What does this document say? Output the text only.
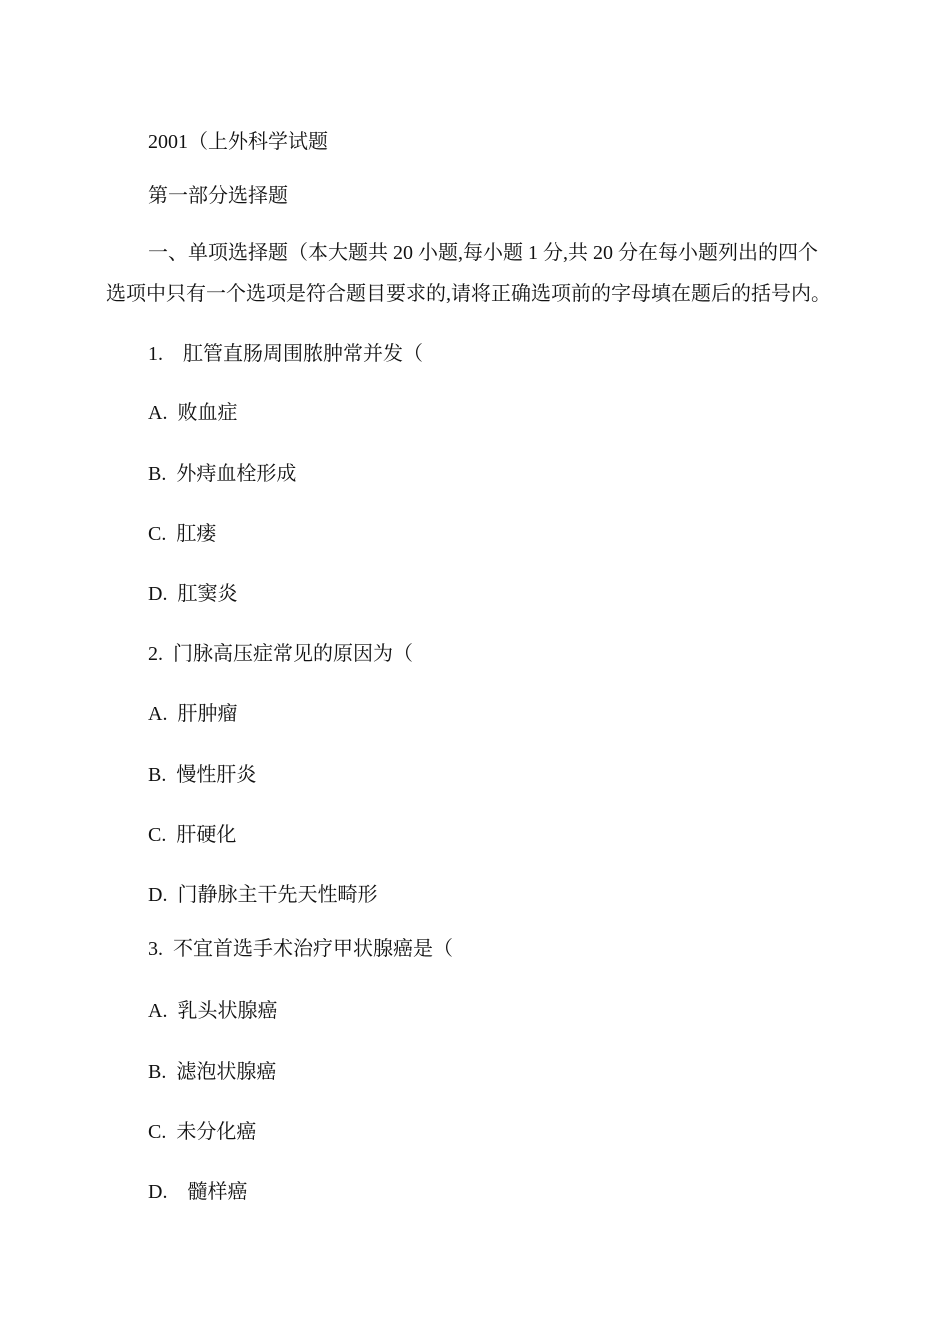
2001（上外科学试题
第一部分选择题
一、单项选择题（本大题共 20 小题,每小题 1 分,共 20 分在每小题列出的四个
选项中只有一个选项是符合题目要求的,请将正确选项前的字母填在题后的括号内。
1.    肛管直肠周围脓肿常并发（
A.  败血症
B.  外痔血栓形成
C.  肛瘘
D.  肛窦炎
2.  门脉高压症常见的原因为（
A.  肝肿瘤
B.  慢性肝炎
C.  肝硬化
D.  门静脉主干先天性畸形
3.  不宜首选手术治疗甲状腺癌是（
A.  乳头状腺癌
B.  滤泡状腺癌
C.  未分化癌
D.    髓样癌
